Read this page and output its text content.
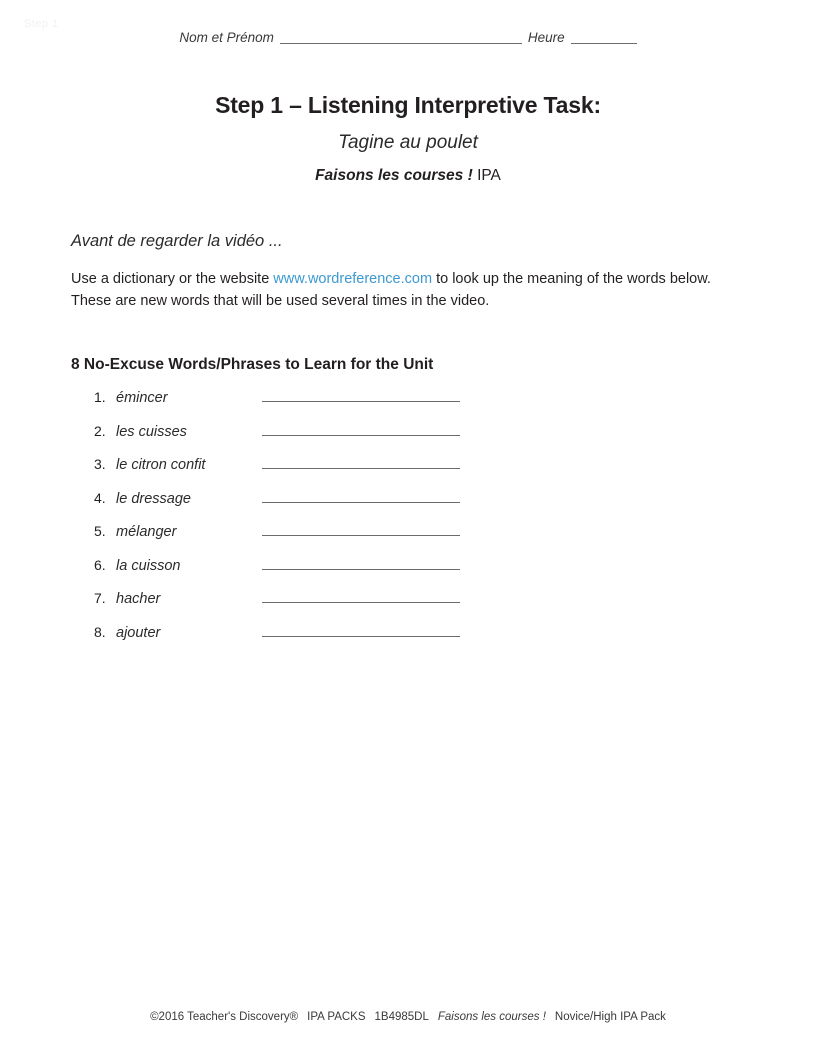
Step 1
Nom et Prénom	Heure
Step 1 – Listening Interpretive Task:
Tagine au poulet
Faisons les courses ! IPA
Avant de regarder la vidéo ...
Use a dictionary or the website www.wordreference.com to look up the meaning of the words below. These are new words that will be used several times in the video.
8 No-Excuse Words/Phrases to Learn for the Unit
1. émincer
2. les cuisses
3. le citron confit
4. le dressage
5. mélanger
6. la cuisson
7. hacher
8. ajouter
©2016 Teacher's Discovery® IPA PACKS 1B4985DL Faisons les courses ! Novice/High IPA Pack
